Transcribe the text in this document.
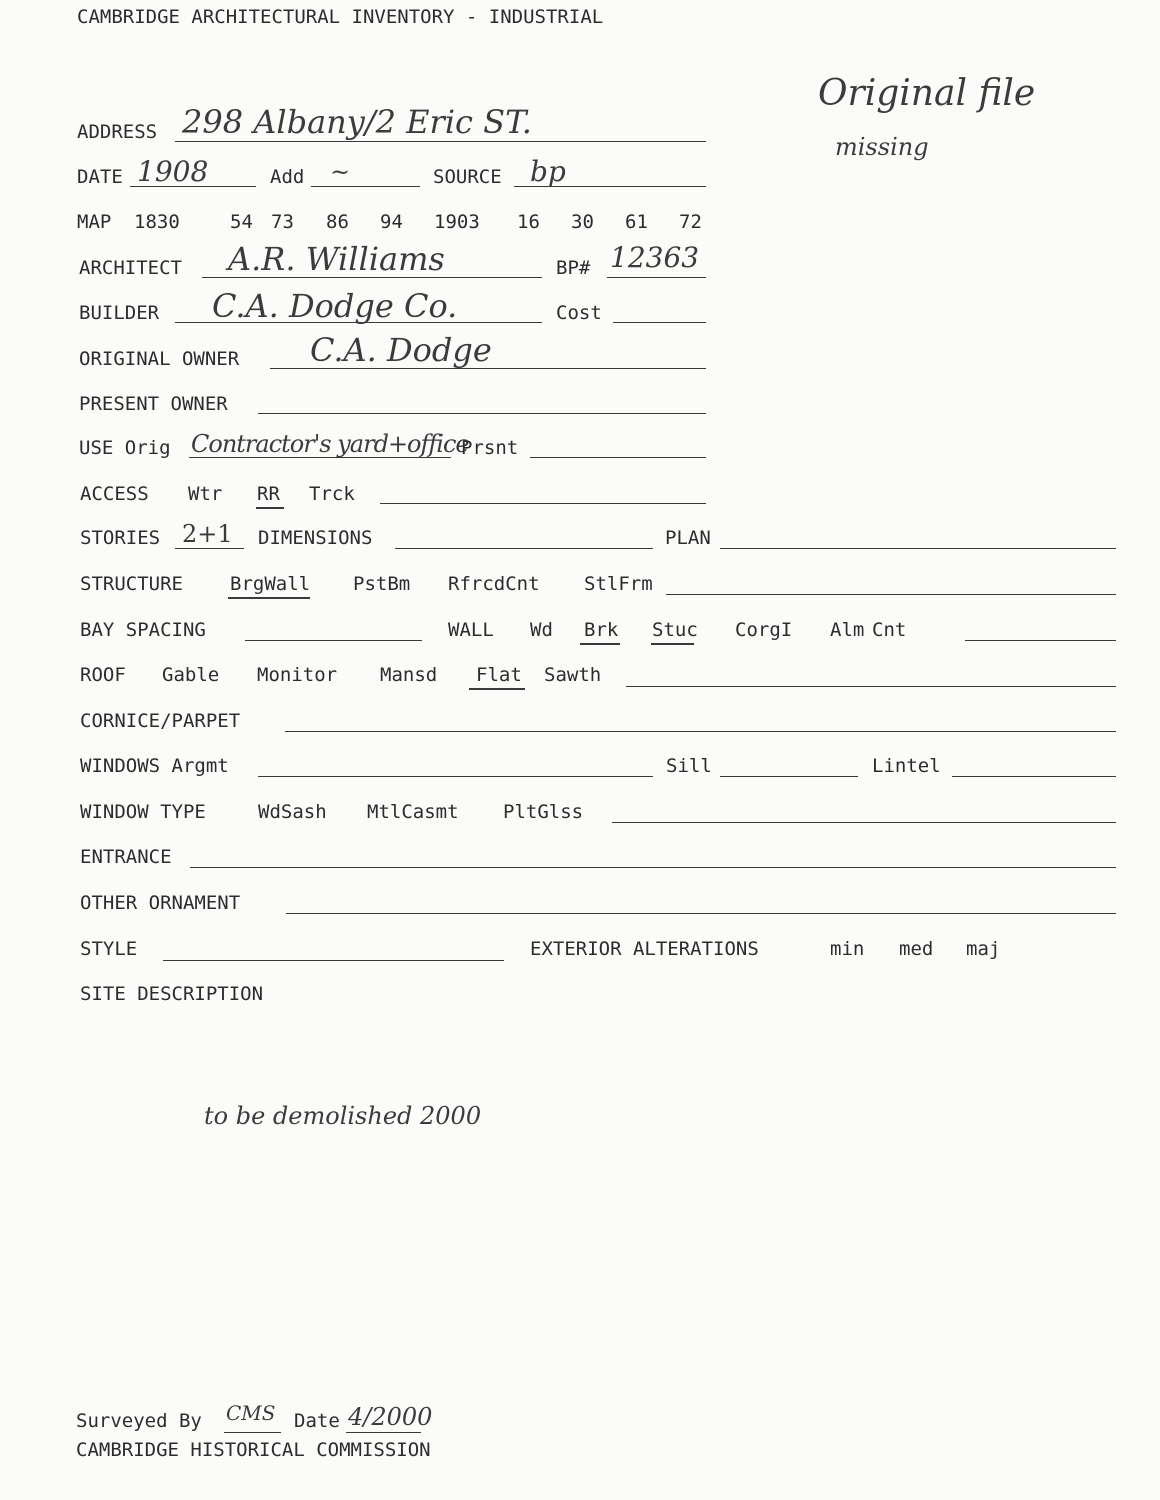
CAMBRIDGE ARCHITECTURAL INVENTORY - INDUSTRIAL
Original file
missing
ADDRESS 298 Albany/2 Eric ST.
DATE 1908	Add ~	SOURCE bp
MAP 1830	54 73 86 94 1903 16 30 61 72
ARCHITECT A.R. Williams	BP# 12363
BUILDER C.A. Dodge Co.	Cost
ORIGINAL OWNER C.A. Dodge
PRESENT OWNER
USE Orig Contractor's yard+office
Prsnt
ACCESS Wtr RR Trck
STORIES 2+1 DIMENSIONS	PLAN
STRUCTURE BrgWall PstBm RfrcdCnt StlFrm
BAY SPACING	WALL Wd Brk Stuc CorgI Alm Cnt
ROOF Gable Monitor Mansd Flat Sawth
CORNICE/PARPET
WINDOWS Argmt	Sill	Lintel
WINDOW TYPE	WdSash MtlCasmt PltGlss
ENTRANCE
OTHER ORNAMENT
STYLE	EXTERIOR ALTERATIONS	min med maj
SITE DESCRIPTION
to be demolished 2000
Surveyed By CMS Date 4/2000
CAMBRIDGE HISTORICAL COMMISSION
